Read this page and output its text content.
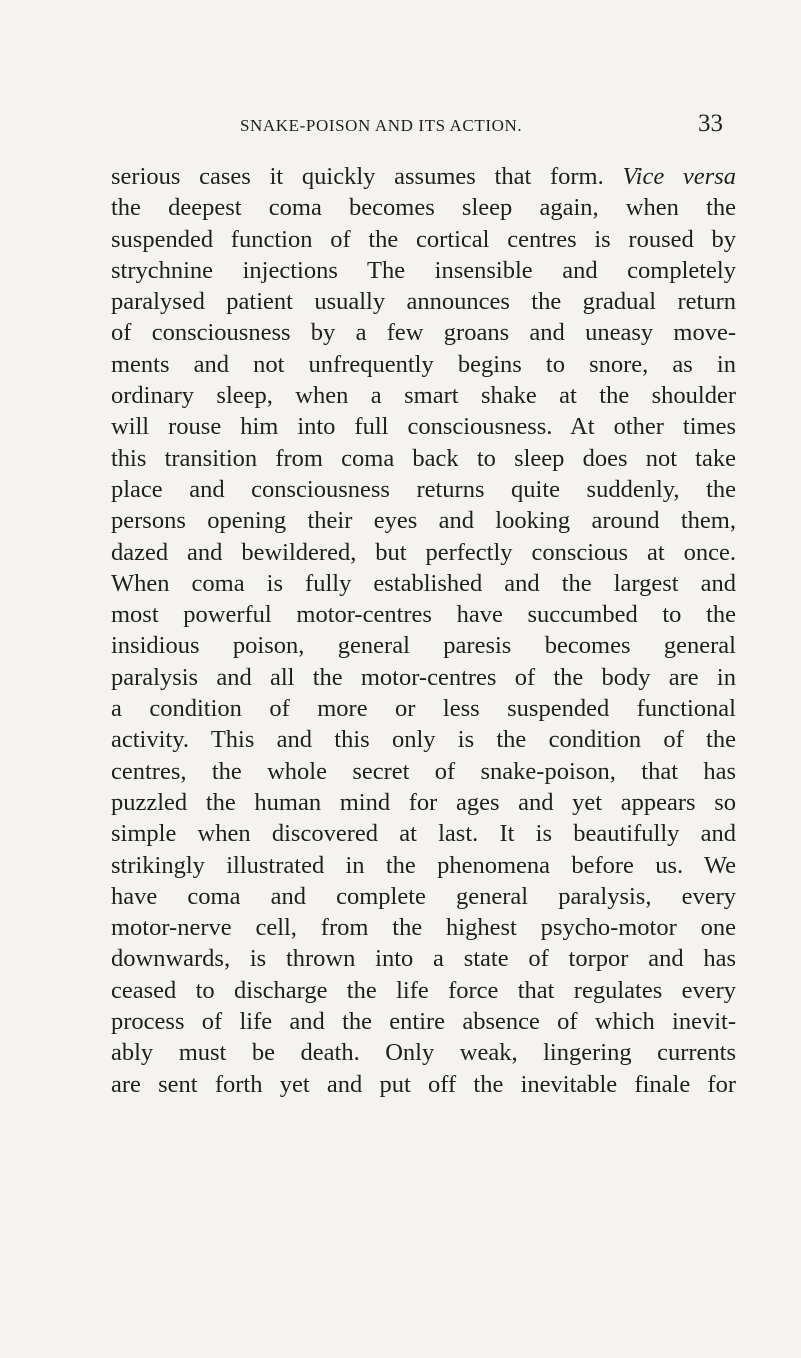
SNAKE-POISON AND ITS ACTION.	33
serious cases it quickly assumes that form. Vice versa
the deepest coma becomes sleep again, when the
suspended function of the cortical centres is roused by
strychnine injections The insensible and completely
paralysed patient usually announces the gradual return
of consciousness by a few groans and uneasy move-
ments and not unfrequently begins to snore, as in
ordinary sleep, when a smart shake at the shoulder
will rouse him into full consciousness. At other times
this transition from coma back to sleep does not take
place and consciousness returns quite suddenly, the
persons opening their eyes and looking around them,
dazed and bewildered, but perfectly conscious at once.
When coma is fully established and the largest and
most powerful motor-centres have succumbed to the
insidious poison, general paresis becomes general
paralysis and all the motor-centres of the body are in
a condition of more or less suspended functional
activity. This and this only is the condition of the
centres, the whole secret of snake-poison, that has
puzzled the human mind for ages and yet appears so
simple when discovered at last. It is beautifully and
strikingly illustrated in the phenomena before us. We
have coma and complete general paralysis, every
motor-nerve cell, from the highest psycho-motor one
downwards, is thrown into a state of torpor and has
ceased to discharge the life force that regulates every
process of life and the entire absence of which inevit-
ably must be death. Only weak, lingering currents
are sent forth yet and put off the inevitable finale for
